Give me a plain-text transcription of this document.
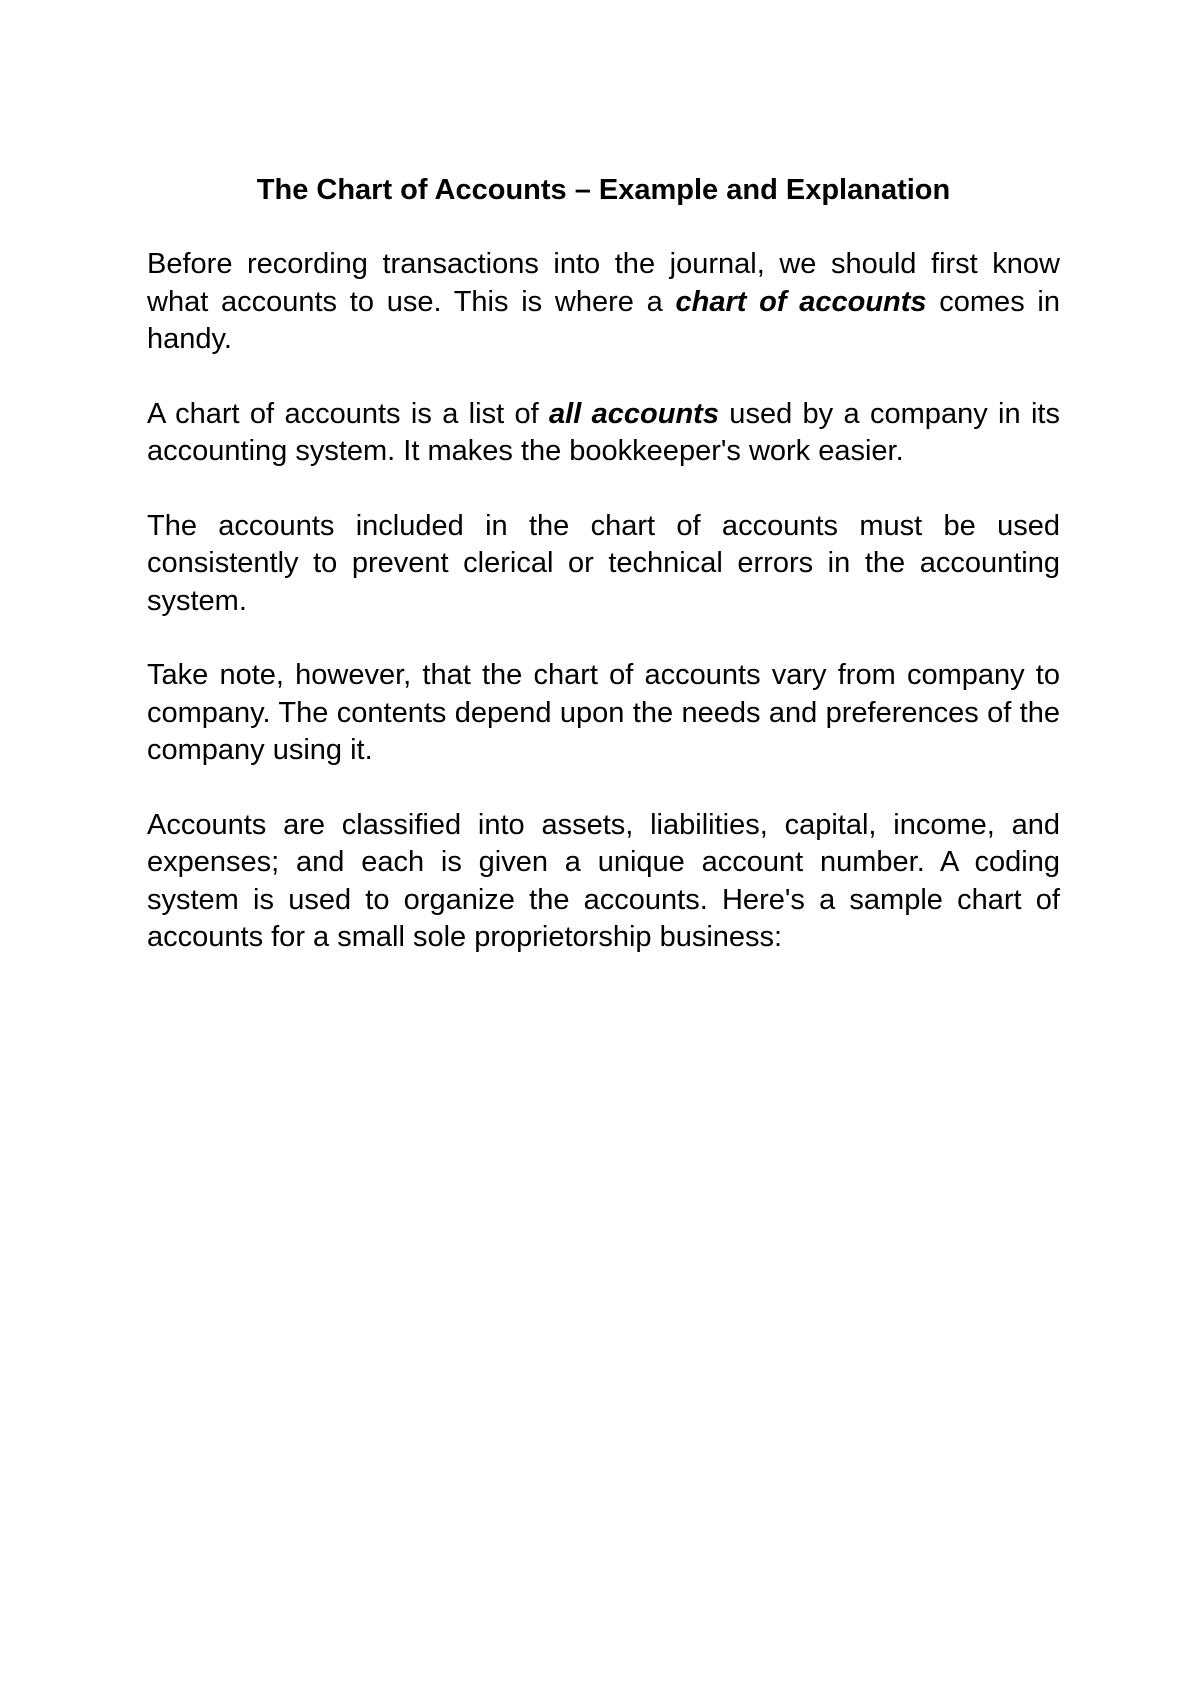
The Chart of Accounts – Example and Explanation

Before recording transactions into the journal, we should first know what accounts to use. This is where a chart of accounts comes in handy.

A chart of accounts is a list of all accounts used by a company in its accounting system. It makes the bookkeeper's work easier.

The accounts included in the chart of accounts must be used consistently to prevent clerical or technical errors in the accounting system.

Take note, however, that the chart of accounts vary from company to company. The contents depend upon the needs and preferences of the company using it.

Accounts are classified into assets, liabilities, capital, income, and expenses; and each is given a unique account number. A coding system is used to organize the accounts. Here's a sample chart of accounts for a small sole proprietorship business:
